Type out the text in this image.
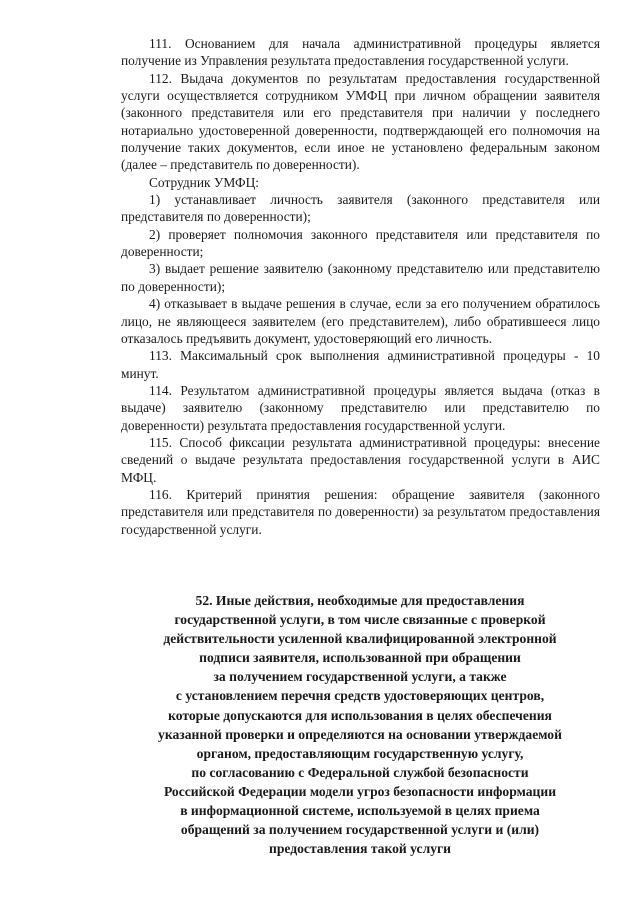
111. Основанием для начала административной процедуры является получение из Управления результата предоставления государственной услуги.

112. Выдача документов по результатам предоставления государственной услуги осуществляется сотрудником УМФЦ при личном обращении заявителя (законного представителя или его представителя при наличии у последнего нотариально удостоверенной доверенности, подтверждающей его полномочия на получение таких документов, если иное не установлено федеральным законом (далее – представитель по доверенности).

Сотрудник УМФЦ:

1) устанавливает личность заявителя (законного представителя или представителя по доверенности);

2) проверяет полномочия законного представителя или представителя по доверенности;

3) выдает решение заявителю (законному представителю или представителю по доверенности);

4) отказывает в выдаче решения в случае, если за его получением обратилось лицо, не являющееся заявителем (его представителем), либо обратившееся лицо отказалось предъявить документ, удостоверяющий его личность.

113. Максимальный срок выполнения административной процедуры - 10 минут.

114. Результатом административной процедуры является выдача (отказ в выдаче) заявителю (законному представителю или представителю по доверенности) результата предоставления государственной услуги.

115. Способ фиксации результата административной процедуры: внесение сведений о выдаче результата предоставления государственной услуги в АИС МФЦ.

116. Критерий принятия решения: обращение заявителя (законного представителя или представителя по доверенности) за результатом предоставления государственной услуги.

52. Иные действия, необходимые для предоставления
государственной услуги, в том числе связанные с проверкой
действительности усиленной квалифицированной электронной
подписи заявителя, использованной при обращении
за получением государственной услуги, а также
с установлением перечня средств удостоверяющих центров,
которые допускаются для использования в целях обеспечения
указанной проверки и определяются на основании утверждаемой
органом, предоставляющим государственную услугу,
по согласованию с Федеральной службой безопасности
Российской Федерации модели угроз безопасности информации
в информационной системе, используемой в целях приема
обращений за получением государственной услуги и (или)
предоставления такой услуги
